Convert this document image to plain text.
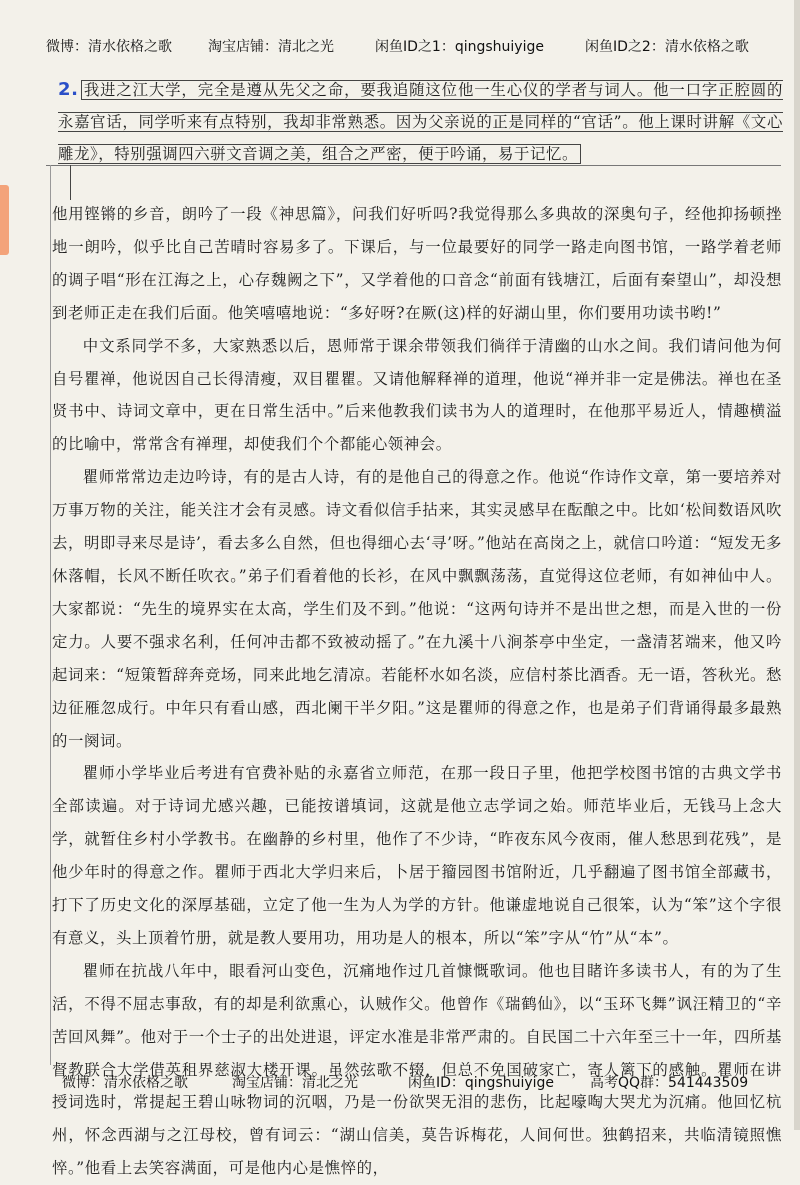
微博：清水依格之歌	淘宝店铺：清北之光	闲鱼ID之1：qingshuiyige	闲鱼ID之2：清水依格之歌

2. 我进之江大学，完全是遵从先父之命，要我追随这位他一生心仪的学者与词人。他一口字正腔圆的永嘉官话，同学听来有点特别，我却非常熟悉。因为父亲说的正是同样的“官话”。他上课时讲解《文心雕龙》，特别强调四六骈文音调之美，组合之严密，便于吟诵，易于记忆。

他用铿锵的乡音，朗吟了一段《神思篇》，问我们好听吗?我觉得那么多典故的深奥句子，经他抑扬顿挫地一朗吟，似乎比自己苦晴时容易多了。下课后，与一位最要好的同学一路走向图书馆，一路学着老师的调子唱“形在江海之上，心存魏阙之下”，又学着他的口音念“前面有钱塘江，后面有秦望山”，却没想到老师正走在我们后面。他笑嘻嘻地说：“多好呀?在厥(这)样的好湖山里，你们要用功读书哟!”

中文系同学不多，大家熟悉以后，恩师常于课余带领我们徜徉于清幽的山水之间。我们请问他为何自号瞿禅，他说因自己长得清瘦，双目瞿瞿。又请他解释禅的道理，他说“禅并非一定是佛法。禅也在圣贤书中、诗词文章中，更在日常生活中。”后来他教我们读书为人的道理时，在他那平易近人，情趣横溢的比喻中，常常含有禅理，却使我们个个都能心领神会。

瞿师常常边走边吟诗，有的是古人诗，有的是他自己的得意之作。他说“作诗作文章，第一要培养对万事万物的关注，能关注才会有灵感。诗文看似信手拈来，其实灵感早在酝酿之中。比如‘松间数语风吹去，明即寻来尽是诗’，看去多么自然，但也得细心去‘寻’呀。”他站在高岗之上，就信口吟道：“短发无多休落帽，长风不断任吹衣。”弟子们看着他的长衫，在风中飘飘荡荡，直觉得这位老师，有如神仙中人。大家都说：“先生的境界实在太高，学生们及不到。”他说：“这两句诗并不是出世之想，而是入世的一份定力。人要不强求名利，任何冲击都不致被动摇了。”在九溪十八涧茶亭中坐定，一盏清茗端来，他又吟起词来：“短策暂辞奔竞场，同来此地乞清凉。若能杯水如名淡，应信村茶比酒香。无一语，答秋光。愁边征雁忽成行。中年只有看山感，西北阑干半夕阳。”这是瞿师的得意之作，也是弟子们背诵得最多最熟的一阕词。

瞿师小学毕业后考进有官费补贴的永嘉省立师范，在那一段日子里，他把学校图书馆的古典文学书全部读遍。对于诗词尤感兴趣，已能按谱填词，这就是他立志学词之始。师范毕业后，无钱马上念大学，就暂住乡村小学教书。在幽静的乡村里，他作了不少诗，“昨夜东风今夜雨，催人愁思到花残”，是他少年时的得意之作。瞿师于西北大学归来后，卜居于籀园图书馆附近，几乎翻遍了图书馆全部藏书，打下了历史文化的深厚基础，立定了他一生为人为学的方针。他谦虚地说自己很笨，认为“笨”这个字很有意义，头上顶着竹册，就是教人要用功，用功是人的根本，所以“笨”字从“竹”从“本”。

瞿师在抗战八年中，眼看河山变色，沉痛地作过几首慷慨歌词。他也目睹许多读书人，有的为了生活，不得不屈志事敌，有的却是利欲熏心，认贼作父。他曾作《瑞鹤仙》，以“玉环飞舞”讽汪精卫的“辛苦回风舞”。他对于一个士子的出处进退，评定水准是非常严肃的。自民国二十六年至三十一年，四所基督教联合大学借英租界慈淑大楼开课。虽然弦歌不辍，但总不免国破家亡，寄人篱下的感触。瞿师在讲授词选时，常提起王碧山咏物词的沉咽，乃是一份欲哭无泪的悲伤，比起嚎啕大哭尤为沉痛。他回忆杭州，怀念西湖与之江母校，曾有词云：“湖山信美，莫告诉梅花，人间何世。独鹤招来，共临清镜照憔悴。”他看上去笑容满面，可是他内心是憔悴的，

微博：清水依格之歌	淘宝店铺：清北之光	闲鱼ID：qingshuiyige	高考QQ群：541443509
